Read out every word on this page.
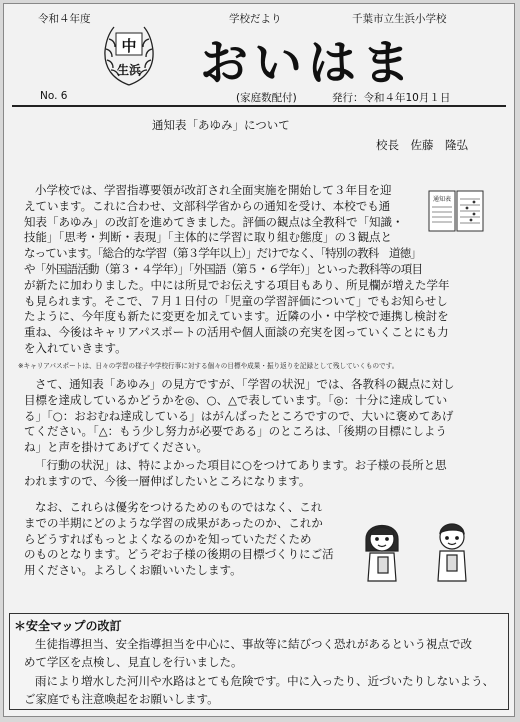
令和４年度	学校だより	千葉市立生浜小学校
中
生浜 おいはま
No. 6	(家庭数配付)	発行：令和４年10月１日
通知表「あゆみ」について
校長　佐藤　隆弘
通知表
小学校では、学習指導要領が改訂され全面実施を開始して３年目を迎
えています。これに合わせ、文部科学省からの通知を受け、本校でも通
知表「あゆみ」の改訂を進めてきました。評価の観点は全教科で「知識・
技能」「思考・判断・表現」「主体的に学習に取り組む態度」の３観点と
なっています。「総合的な学習（第３学年以上）」だけでなく、「特別の教科　道徳」
や「外国語活動（第３・４学年）」「外国語（第５・６学年）」といった教科等の項目
が新たに加わりました。中には所見でお伝えする項目もあり、所見欄が増えた学年
も見られます。そこで、７月１日付の「児童の学習評価について」でもお知らせし
たように、今年度も新たに変更を加えています。近隣の小・中学校で連携し検討を
重ね、今後はキャリアパスポートの活用や個人面談の充実を図っていくことにも力
を入れていきます。
※キャリアパスポートは、日々の学習の様子や学校行事に対する個々の目標や成果・振り返りを記録として残していくものです。
さて、通知表「あゆみ」の見方ですが、「学習の状況」では、各教科の観点に対し
目標を達成しているかどうかを◎、○、△で表しています。「◎：十分に達成してい
る」「○：おおむね達成している」はがんばったところですので、大いに褒めてあげ
てください。「△：もう少し努力が必要である」のところは、「後期の目標にしよう
ね」と声を掛けてあげてください。
「行動の状況」は、特によかった項目に○をつけてあります。お子様の長所と思
われますので、今後一層伸ばしたいところになります。
なお、これらは優劣をつけるためのものではなく、これ
までの半期にどのような学習の成果があったのか、これか
らどうすればもっとよくなるのかを知っていただくため
のものとなります。どうぞお子様の後期の目標づくりにご活
用ください。よろしくお願いいたします。
＊安全マップの改訂
生徒指導担当、安全指導担当を中心に、事故等に結びつく恐れがあるという視点で改
めて学区を点検し、見直しを行いました。
雨により増水した河川や水路はとても危険です。中に入ったり、近づいたりしないよう、
ご家庭でも注意喚起をお願いします。
